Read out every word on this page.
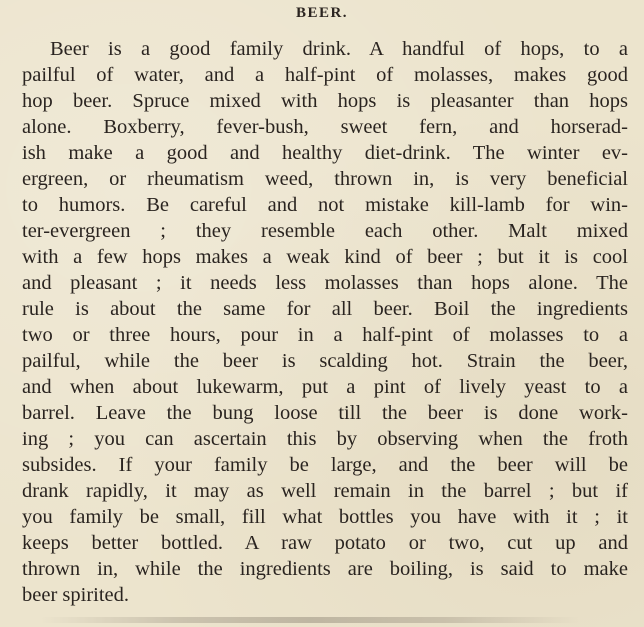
BEER.
Beer is a good family drink. A handful of hops, to a
pailful of water, and a half-pint of molasses, makes good
hop beer. Spruce mixed with hops is pleasanter than hops
alone. Boxberry, fever-bush, sweet fern, and horserad-
ish make a good and healthy diet-drink. The winter ev-
ergreen, or rheumatism weed, thrown in, is very beneficial
to humors. Be careful and not mistake kill-lamb for win-
ter-evergreen ; they resemble each other. Malt mixed
with a few hops makes a weak kind of beer ; but it is cool
and pleasant ; it needs less molasses than hops alone. The
rule is about the same for all beer. Boil the ingredients
two or three hours, pour in a half-pint of molasses to a
pailful, while the beer is scalding hot. Strain the beer,
and when about lukewarm, put a pint of lively yeast to a
barrel. Leave the bung loose till the beer is done work-
ing ; you can ascertain this by observing when the froth
subsides. If your family be large, and the beer will be
drank rapidly, it may as well remain in the barrel ; but if
you family be small, fill what bottles you have with it ; it
keeps better bottled. A raw potato or two, cut up and
thrown in, while the ingredients are boiling, is said to make
beer spirited.
